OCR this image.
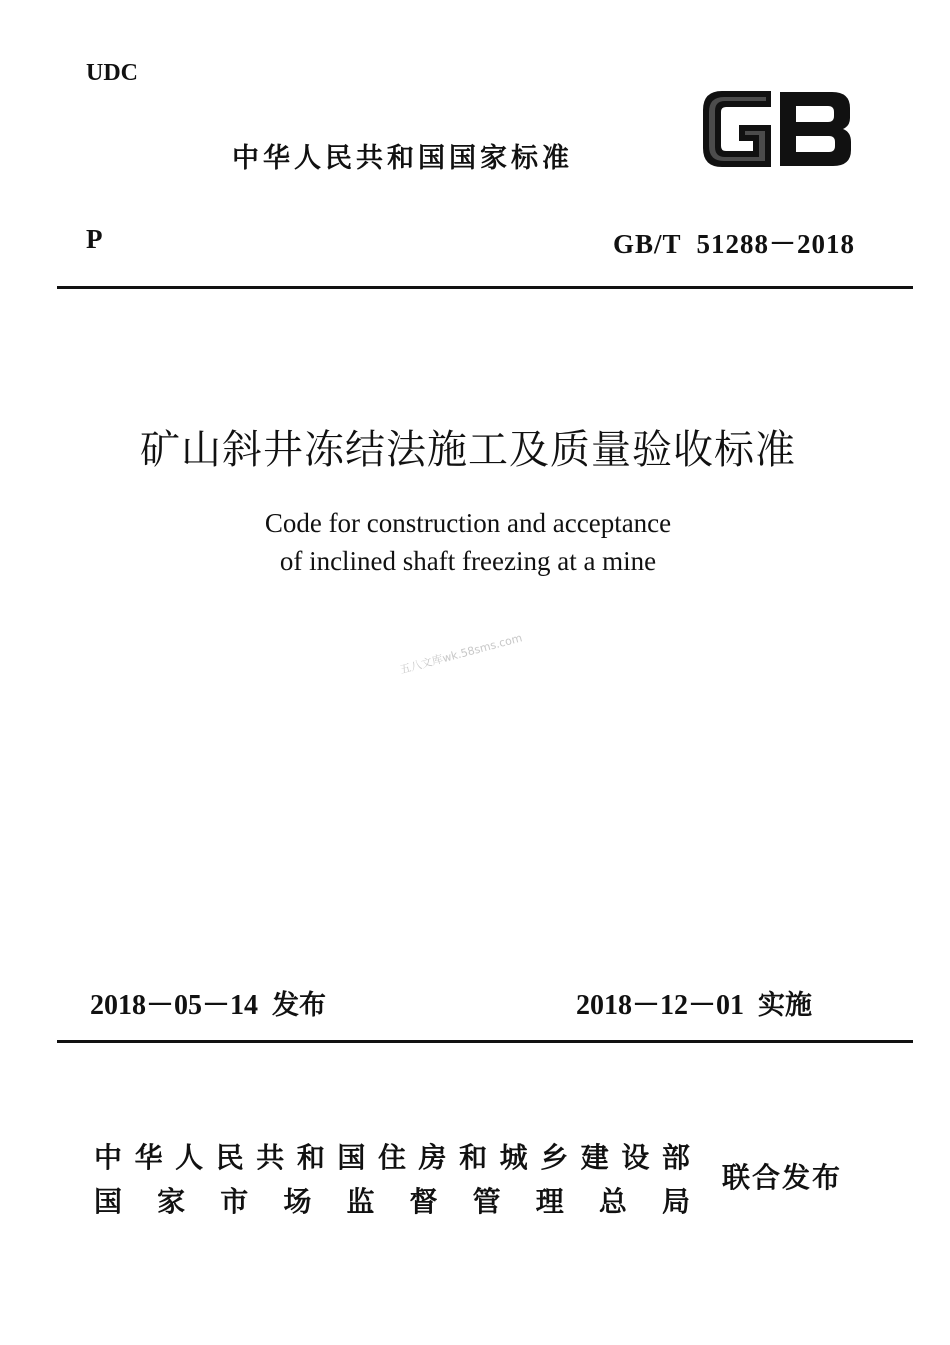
UDC
中华人民共和国国家标准
P	GB/T  51288－2018
矿山斜井冻结法施工及质量验收标准
Code for construction and acceptance
of inclined shaft freezing at a mine
五八文库wk.58sms.com
2018－05－14 发布	2018－12－01 实施
中 华 人 民 共 和 国 住 房 和 城 乡 建 设 部
国 家 市 场 监 督 管 理 总 局
联合发布
